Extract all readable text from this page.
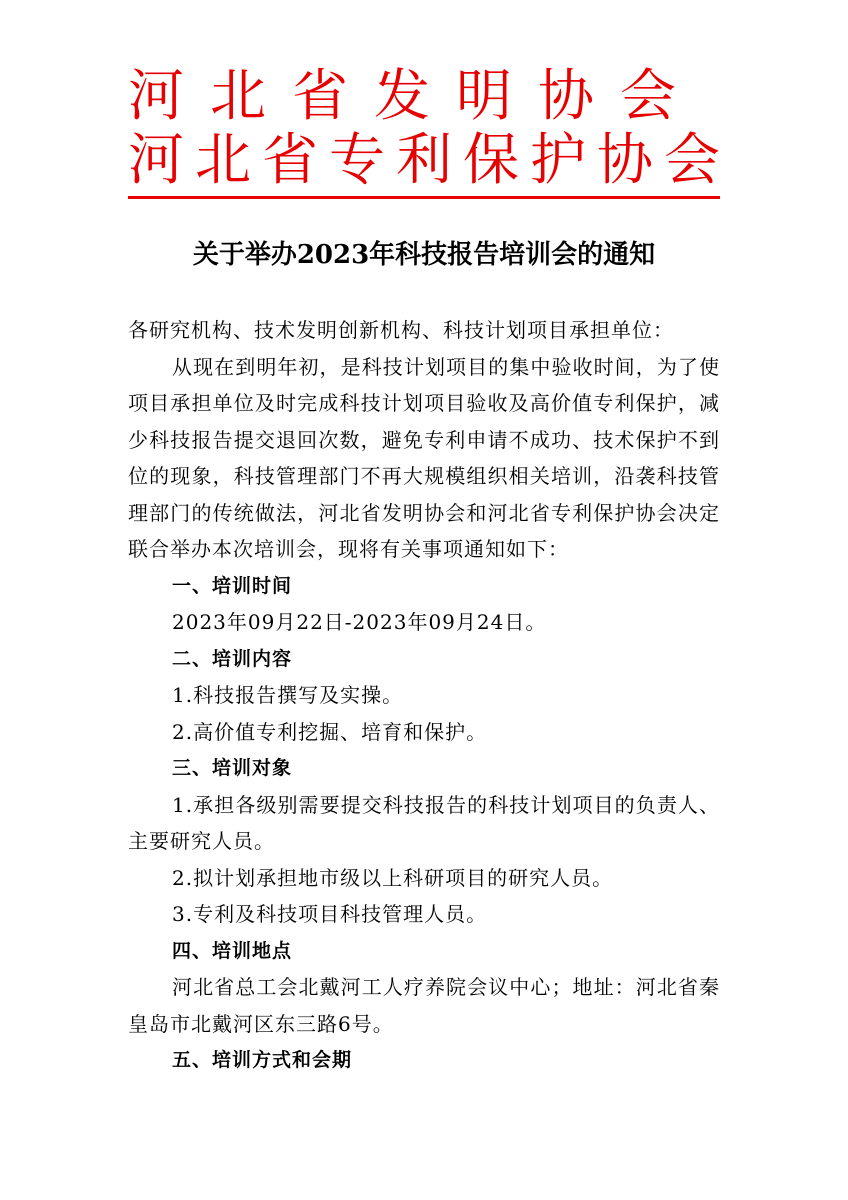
河北省发明协会
河北省专利保护协会
关于举办2023年科技报告培训会的通知

各研究机构、技术发明创新机构、科技计划项目承担单位：

从现在到明年初，是科技计划项目的集中验收时间，为了使项目承担单位及时完成科技计划项目验收及高价值专利保护，减少科技报告提交退回次数，避免专利申请不成功、技术保护不到位的现象，科技管理部门不再大规模组织相关培训，沿袭科技管理部门的传统做法，河北省发明协会和河北省专利保护协会决定联合举办本次培训会，现将有关事项通知如下：

一、培训时间

2023年09月22日-2023年09月24日。

二、培训内容

1.科技报告撰写及实操。

2.高价值专利挖掘、培育和保护。

三、培训对象

1.承担各级别需要提交科技报告的科技计划项目的负责人、主要研究人员。

2.拟计划承担地市级以上科研项目的研究人员。

3.专利及科技项目科技管理人员。

四、培训地点

河北省总工会北戴河工人疗养院会议中心；地址：河北省秦皇岛市北戴河区东三路6号。

五、培训方式和会期
